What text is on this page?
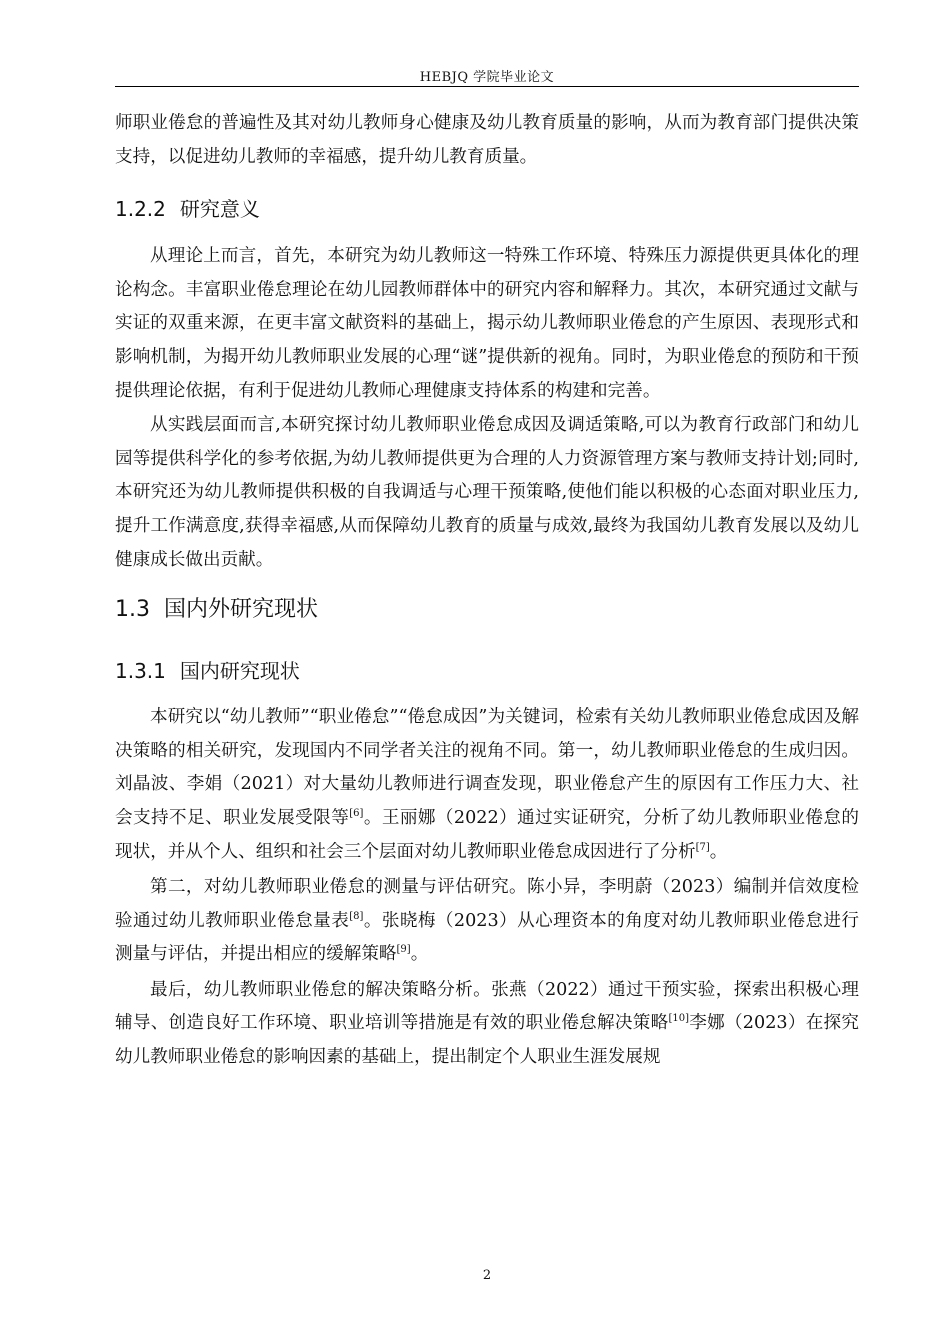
HEBJQ 学院毕业论文

师职业倦怠的普遍性及其对幼儿教师身心健康及幼儿教育质量的影响，从而为教育部门提供决策支持，以促进幼儿教师的幸福感，提升幼儿教育质量。

1.2.2 研究意义

从理论上而言，首先，本研究为幼儿教师这一特殊工作环境、特殊压力源提供更具体化的理论构念。丰富职业倦怠理论在幼儿园教师群体中的研究内容和解释力。其次，本研究通过文献与实证的双重来源，在更丰富文献资料的基础上，揭示幼儿教师职业倦怠的产生原因、表现形式和影响机制，为揭开幼儿教师职业发展的心理“谜”提供新的视角。同时，为职业倦怠的预防和干预提供理论依据，有利于促进幼儿教师心理健康支持体系的构建和完善。

从实践层面而言,本研究探讨幼儿教师职业倦怠成因及调适策略,可以为教育行政部门和幼儿园等提供科学化的参考依据,为幼儿教师提供更为合理的人力资源管理方案与教师支持计划;同时,本研究还为幼儿教师提供积极的自我调适与心理干预策略,使他们能以积极的心态面对职业压力,提升工作满意度,获得幸福感,从而保障幼儿教育的质量与成效,最终为我国幼儿教育发展以及幼儿健康成长做出贡献。

1.3 国内外研究现状
1.3.1 国内研究现状

本研究以“幼儿教师”“职业倦怠”“倦怠成因”为关键词，检索有关幼儿教师职业倦怠成因及解决策略的相关研究，发现国内不同学者关注的视角不同。第一，幼儿教师职业倦怠的生成归因。刘晶波、李娟（2021）对大量幼儿教师进行调查发现，职业倦怠产生的原因有工作压力大、社会支持不足、职业发展受限等[6]。王丽娜（2022）通过实证研究，分析了幼儿教师职业倦怠的现状，并从个人、组织和社会三个层面对幼儿教师职业倦怠成因进行了分析[7]。

第二，对幼儿教师职业倦怠的测量与评估研究。陈小异，李明蔚（2023）编制并信效度检验通过幼儿教师职业倦怠量表[8]。张晓梅（2023）从心理资本的角度对幼儿教师职业倦怠进行测量与评估，并提出相应的缓解策略[9]。

最后，幼儿教师职业倦怠的解决策略分析。张燕（2022）通过干预实验，探索出积极心理辅导、创造良好工作环境、职业培训等措施是有效的职业倦怠解决策略[10]李娜（2023）在探究幼儿教师职业倦怠的影响因素的基础上，提出制定个人职业生涯发展规

2
